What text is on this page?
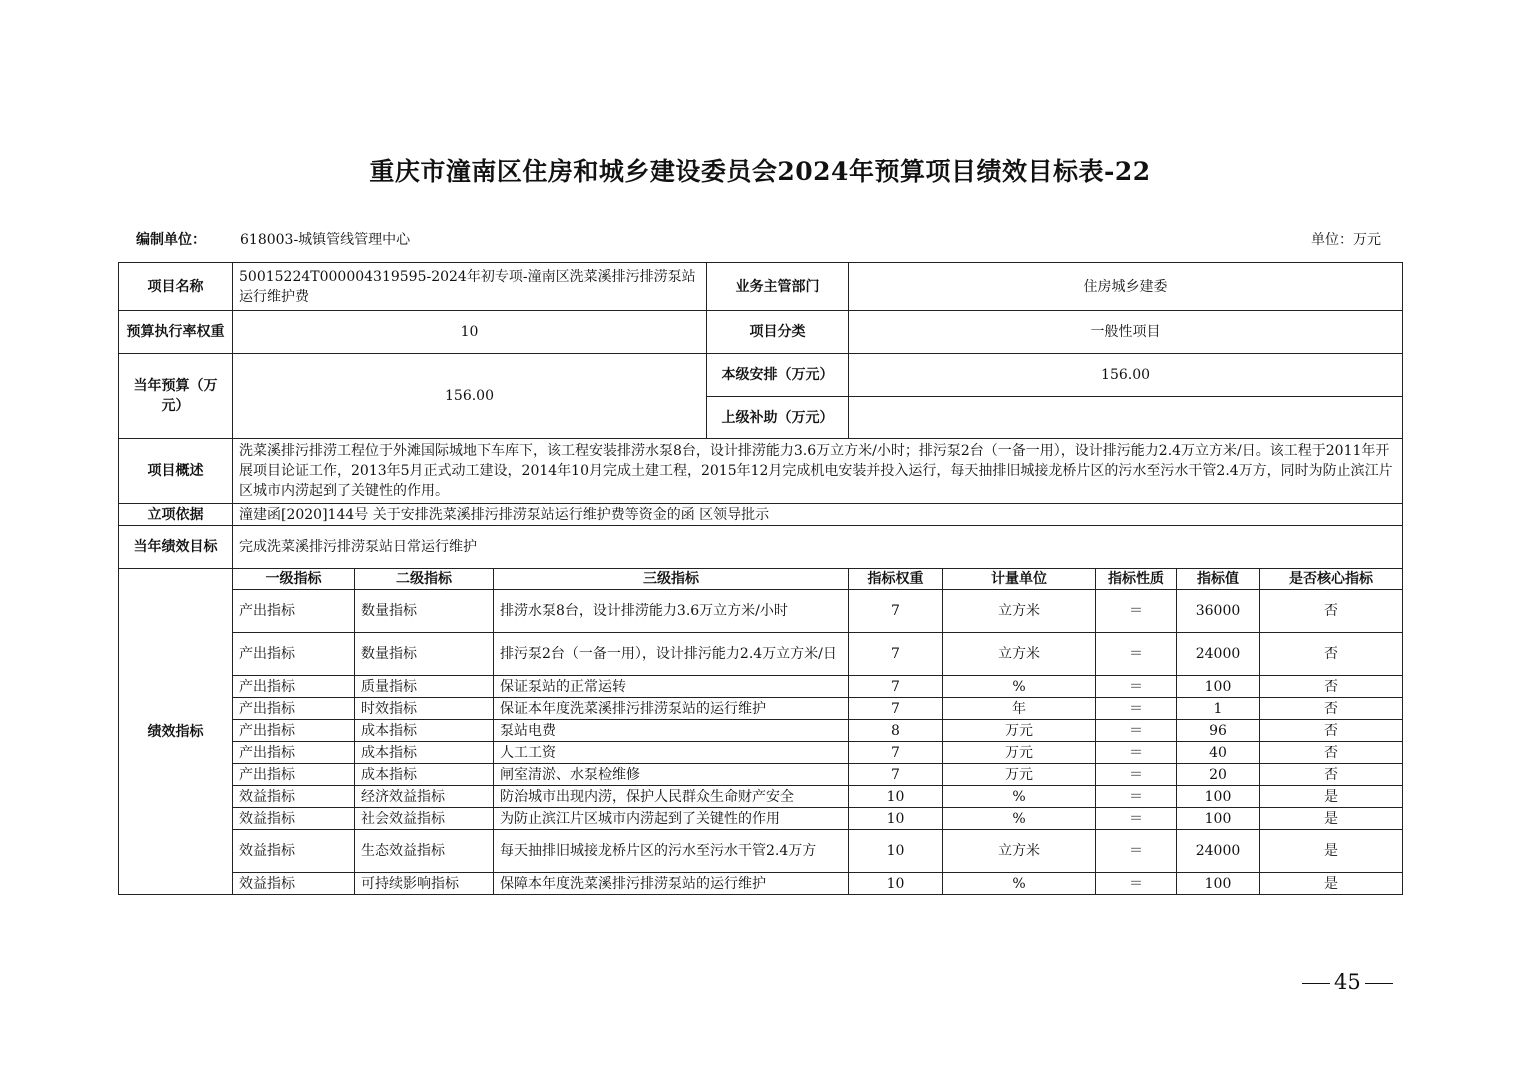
重庆市潼南区住房和城乡建设委员会2024年预算项目绩效目标表-22
编制单位： 618003-城镇管线管理中心	单位：万元
项目名称	50015224T000004319595-2024年初专项-潼南区洗菜溪排污排涝泵站运行维护费			业务主管部门	住房城乡建委				
预算执行率权重	10			项目分类	一般性项目				
当年预算（万元）	156.00			本级安排（万元）	156.00				
				上级补助（万元）					
项目概述	洗菜溪排污排涝工程位于外滩国际城地下车库下，该工程安装排涝水泵8台，设计排涝能力3.6万立方米/小时；排污泵2台（一备一用），设计排污能力2.4万立方米/日。该工程于2011年开展项目论证工作，2013年5月正式动工建设，2014年10月完成土建工程，2015年12月完成机电安装并投入运行，每天抽排旧城接龙桥片区的污水至污水干管2.4万方，同时为防止滨江片区城市内涝起到了关键性的作用。								
立项依据	潼建函[2020]144号 关于安排洗菜溪排污排涝泵站运行维护费等资金的函 区领导批示								
当年绩效目标	完成洗菜溪排污排涝泵站日常运行维护								
绩效指标	一级指标	二级指标	三级指标		指标权重	计量单位	指标性质	指标值	是否核心指标
	产出指标	数量指标	排涝水泵8台，设计排涝能力3.6万立方米/小时		7	立方米	＝	36000	否
	产出指标	数量指标	排污泵2台（一备一用），设计排污能力2.4万立方米/日		7	立方米	＝	24000	否
	产出指标	质量指标	保证泵站的正常运转		7	%	＝	100	否
	产出指标	时效指标	保证本年度洗菜溪排污排涝泵站的运行维护		7	年	＝	1	否
	产出指标	成本指标	泵站电费		8	万元	＝	96	否
	产出指标	成本指标	人工工资		7	万元	＝	40	否
	产出指标	成本指标	闸室清淤、水泵检维修		7	万元	＝	20	否
	效益指标	经济效益指标	防治城市出现内涝，保护人民群众生命财产安全		10	%	＝	100	是
	效益指标	社会效益指标	为防止滨江片区城市内涝起到了关键性的作用		10	%	＝	100	是
	效益指标	生态效益指标	每天抽排旧城接龙桥片区的污水至污水干管2.4万方		10	立方米	＝	24000	是
	效益指标	可持续影响指标	保障本年度洗菜溪排污排涝泵站的运行维护		10	%	＝	100	是
45
